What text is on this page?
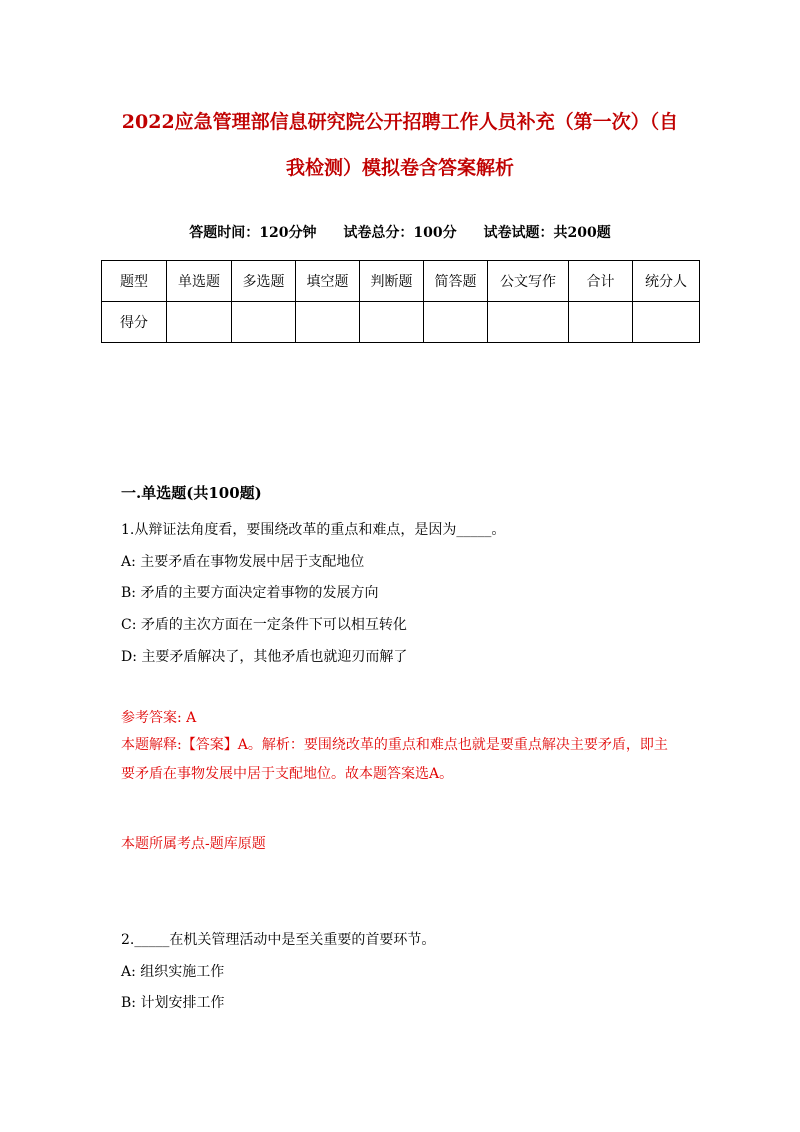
2022应急管理部信息研究院公开招聘工作人员补充（第一次）（自
我检测）模拟卷含答案解析
答题时间：120分钟 试卷总分：100分 试卷试题：共200题
题型	单选题	多选题	填空题	判断题	简答题	公文写作	合计	统分人
得分								
一.单选题(共100题)
1.从辩证法角度看，要围绕改革的重点和难点，是因为_____。
A: 主要矛盾在事物发展中居于支配地位
B: 矛盾的主要方面决定着事物的发展方向
C: 矛盾的主次方面在一定条件下可以相互转化
D: 主要矛盾解决了，其他矛盾也就迎刃而解了
参考答案: A
本题解释:【答案】A。解析：要围绕改革的重点和难点也就是要重点解决主要矛盾，即主要矛盾在事物发展中居于支配地位。故本题答案选A。
本题所属考点-题库原题
2._____在机关管理活动中是至关重要的首要环节。
A: 组织实施工作
B: 计划安排工作
